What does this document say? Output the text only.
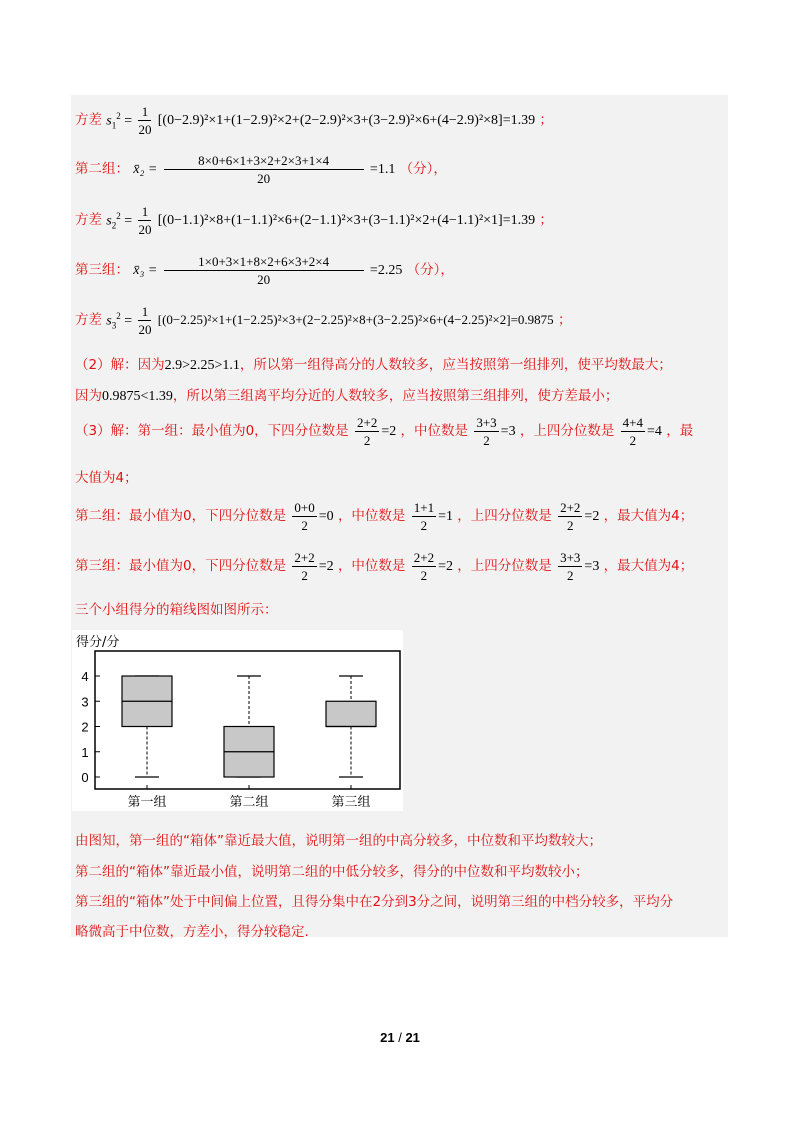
方差 $s_1^2 = \frac{1}{20} [(0-2.9)^2\times 1+(1-2.9)^2\times 2+(2-2.9)^2\times 3+(3-2.9)^2\times 6+(4-2.9)^2\times 8]=1.39$ ；
第二组： x̄₂ = $\frac{8\times 0+6\times 1+3\times 2+2\times 3+1\times 4}{20} =1.1$ （分），
方差 $s_2^2 = \frac{1}{20} [(0-1.1)^2\times 8+(1-1.1)^2\times 6+(2-1.1)^2\times 3+(3-1.1)^2\times 2+(4-1.1)^2\times 1]=1.39$ ；
第三组： x̄₃ = $\frac{1\times 0+3\times 1+8\times 2+6\times 3+2\times 4}{20} =2.25$ （分），
方差 $s_3^2 = \frac{1}{20} [(0-2.25)^2\times 1+(1-2.25)^2\times 3+(2-2.25)^2\times 8+(3-2.25)^2\times 6+(4-2.25)^2\times 2]=0.9875$ ；
（2）解：因为2.9>2.25>1.1，所以第一组得高分的人数较多，应当按照第一组排列，使平均数最大；
因为0.9875<1.39，所以第三组离平均分近的人数较多，应当按照第三组排列，使方差最小；
（3）解：第一组：最小值为0，下四分位数是 $\frac{2+2}{2} =2$ ，中位数是 $\frac{3+3}{2} =3$ ，上四分位数是 $\frac{4+4}{2} =4$ ，最
大值为4；
第二组：最小值为0，下四分位数是 $\frac{0+0}{2} =0$ ，中位数是 $\frac{1+1}{2} =1$ ，上四分位数是 $\frac{2+2}{2} =2$ ，最大值为4；
第三组：最小值为0，下四分位数是 $\frac{2+2}{2} =2$ ，中位数是 $\frac{2+2}{2} =2$ ，上四分位数是 $\frac{3+3}{2} =3$ ，最大值为4；
三个小组得分的箱线图如图所示：
得分/分
0
1
2
3
4
第一组	第二组	第三组
由图知，第一组的“箱体”靠近最大值，说明第一组的中高分较多，中位数和平均数较大；
第二组的“箱体”靠近最小值，说明第二组的中低分较多，得分的中位数和平均数较小；
第三组的“箱体”处于中间偏上位置，且得分集中在2分到3分之间，说明第三组的中档分较多，平均分
略微高于中位数，方差小，得分较稳定.
21 / 21
